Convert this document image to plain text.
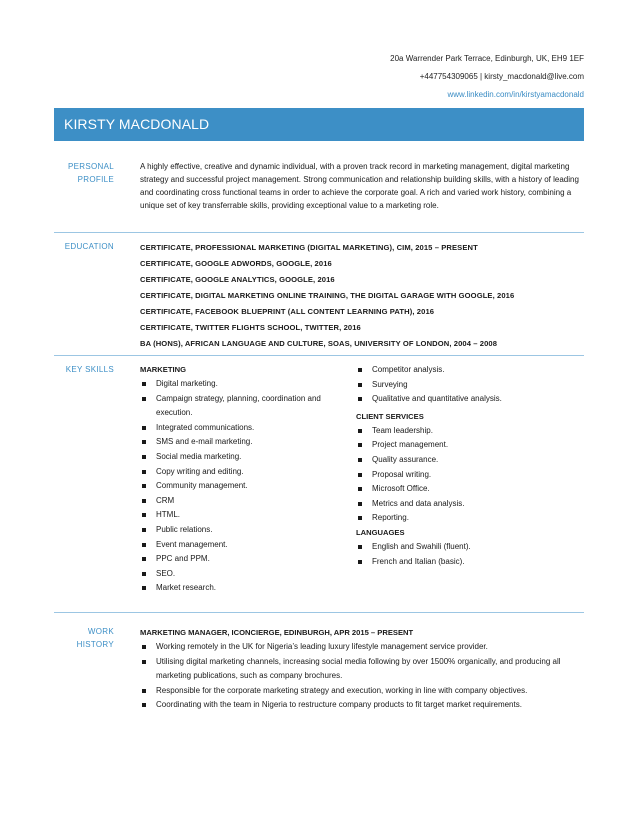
20a Warrender Park Terrace, Edinburgh, UK, EH9 1EF
+447754309065 | kirsty_macdonald@live.com
www.linkedin.com/in/kirstyamacdonald
KIRSTY MACDONALD
PERSONAL
PROFILE

A highly effective, creative and dynamic individual, with a proven track record in marketing management, digital marketing strategy and successful project management. Strong communication and relationship building skills, with a history of leading and coordinating cross functional teams in order to achieve the corporate goal. A rich and varied work history, combining a unique set of key transferrable skills, providing exceptional value to a marketing role.

EDUCATION	CERTIFICATE, PROFESSIONAL MARKETING (DIGITAL MARKETING), CIM, 2015 – PRESENT
CERTIFICATE, GOOGLE ADWORDS, GOOGLE, 2016
CERTIFICATE, GOOGLE ANALYTICS, GOOGLE, 2016
CERTIFICATE, DIGITAL MARKETING ONLINE TRAINING, THE DIGITAL GARAGE WITH GOOGLE, 2016
CERTIFICATE, FACEBOOK BLUEPRINT (ALL CONTENT LEARNING PATH), 2016
CERTIFICATE, TWITTER FLIGHTS SCHOOL, TWITTER, 2016
BA (HONS), AFRICAN LANGUAGE AND CULTURE, SOAS, UNIVERSITY OF LONDON, 2004 – 2008
KEY SKILLS	MARKETING
Digital marketing.
Campaign strategy, planning, coordination and execution.
Integrated communications.
SMS and e-mail marketing.
Social media marketing.
Copy writing and editing.
Community management.
CRM
HTML.
Public relations.
Event management.
PPC and PPM.
SEO.
Market research.
Competitor analysis.
Surveying
Qualitative and quantitative analysis.
CLIENT SERVICES
Team leadership.
Project management.
Quality assurance.
Proposal writing.
Microsoft Office.
Metrics and data analysis.
Reporting.
LANGUAGES
English and Swahili (fluent).
French and Italian (basic).
WORK
HISTORY
MARKETING MANAGER, ICONCIERGE, EDINBURGH, APR 2015 – PRESENT
Working remotely in the UK for Nigeria’s leading luxury lifestyle management service provider.
Utilising digital marketing channels, increasing social media following by over 1500% organically, and producing all marketing publications, such as company brochures.
Responsible for the corporate marketing strategy and execution, working in line with company objectives.
Coordinating with the team in Nigeria to restructure company products to fit target market requirements.
